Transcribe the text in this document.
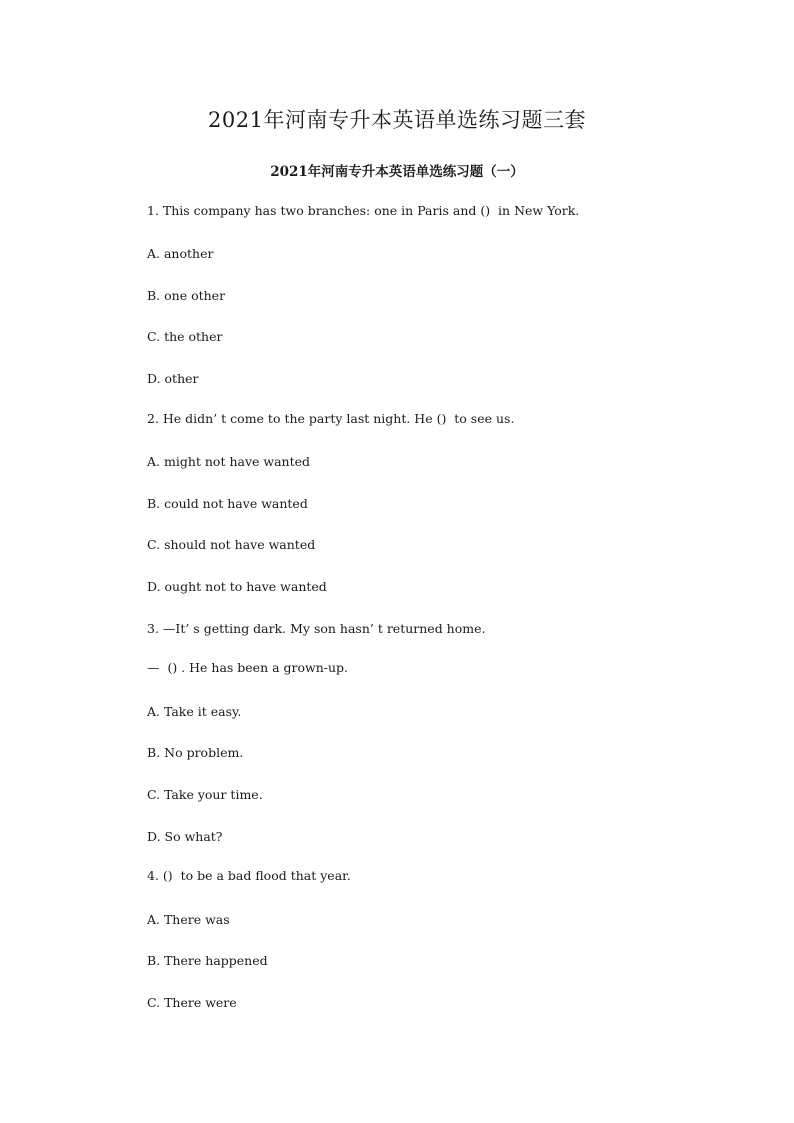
2021年河南专升本英语单选练习题三套
2021年河南专升本英语单选练习题（一）

1. This company has two branches: one in Paris and ()  in New York.

A. another

B. one other

C. the other

D. other

2. He didn’ t come to the party last night. He ()  to see us.

A. might not have wanted

B. could not have wanted

C. should not have wanted

D. ought not to have wanted

3. —It’ s getting dark. My son hasn’ t returned home.

—  () . He has been a grown-up.

A. Take it easy.

B. No problem.

C. Take your time.

D. So what?

4. ()  to be a bad flood that year.

A. There was

B. There happened

C. There were
